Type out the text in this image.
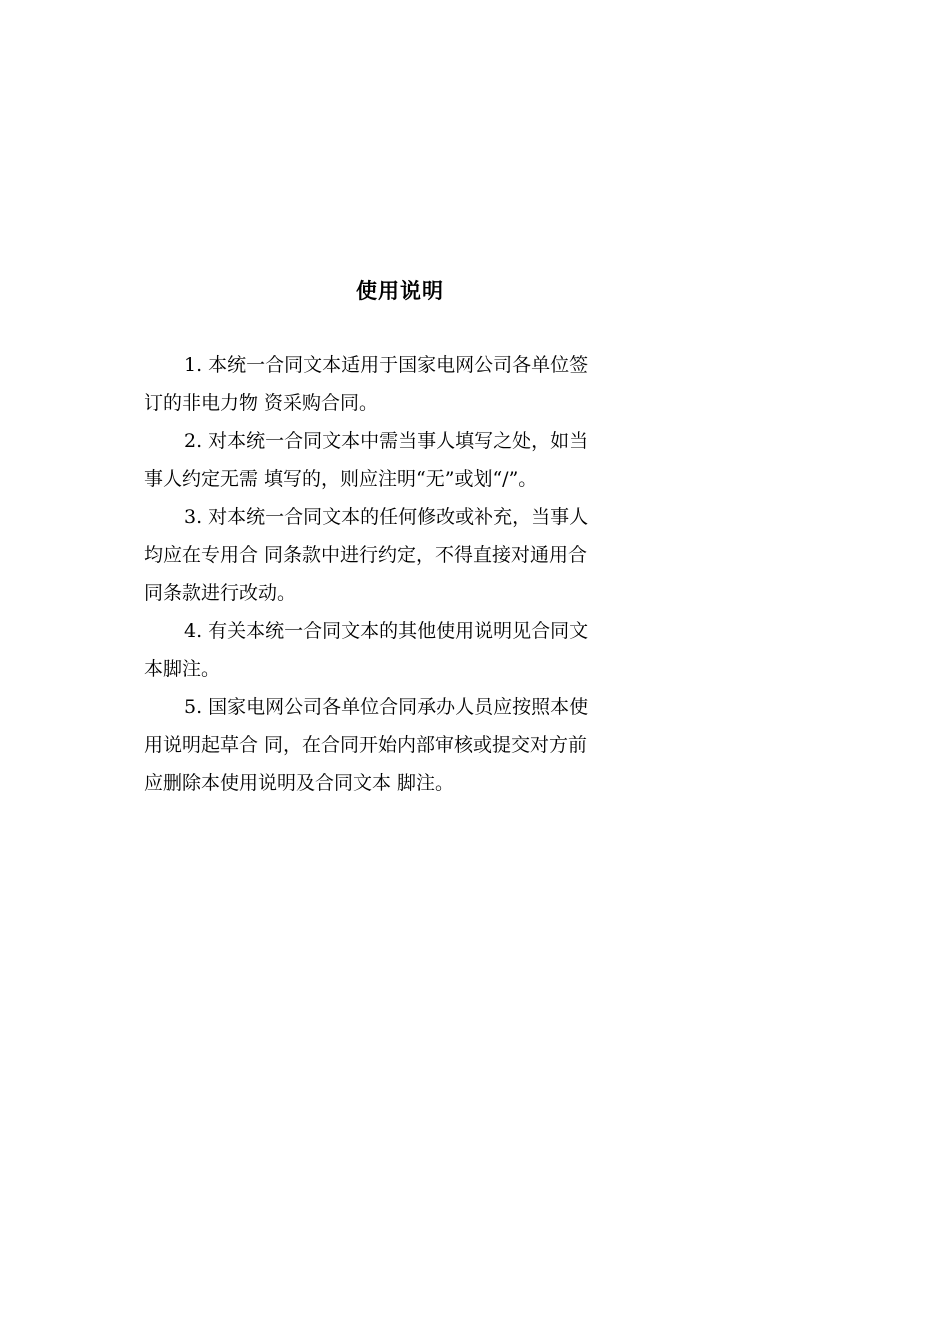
使用说明
1. 本统一合同文本适用于国家电网公司各单位签
订的非电力物 资采购合同。
2. 对本统一合同文本中需当事人填写之处，如当
事人约定无需 填写的，则应注明“无”或划“/”。
3. 对本统一合同文本的任何修改或补充，当事人
均应在专用合 同条款中进行约定，不得直接对通用合
同条款进行改动。
4. 有关本统一合同文本的其他使用说明见合同文
本脚注。
5. 国家电网公司各单位合同承办人员应按照本使
用说明起草合 同，在合同开始内部审核或提交对方前
应删除本使用说明及合同文本 脚注。
